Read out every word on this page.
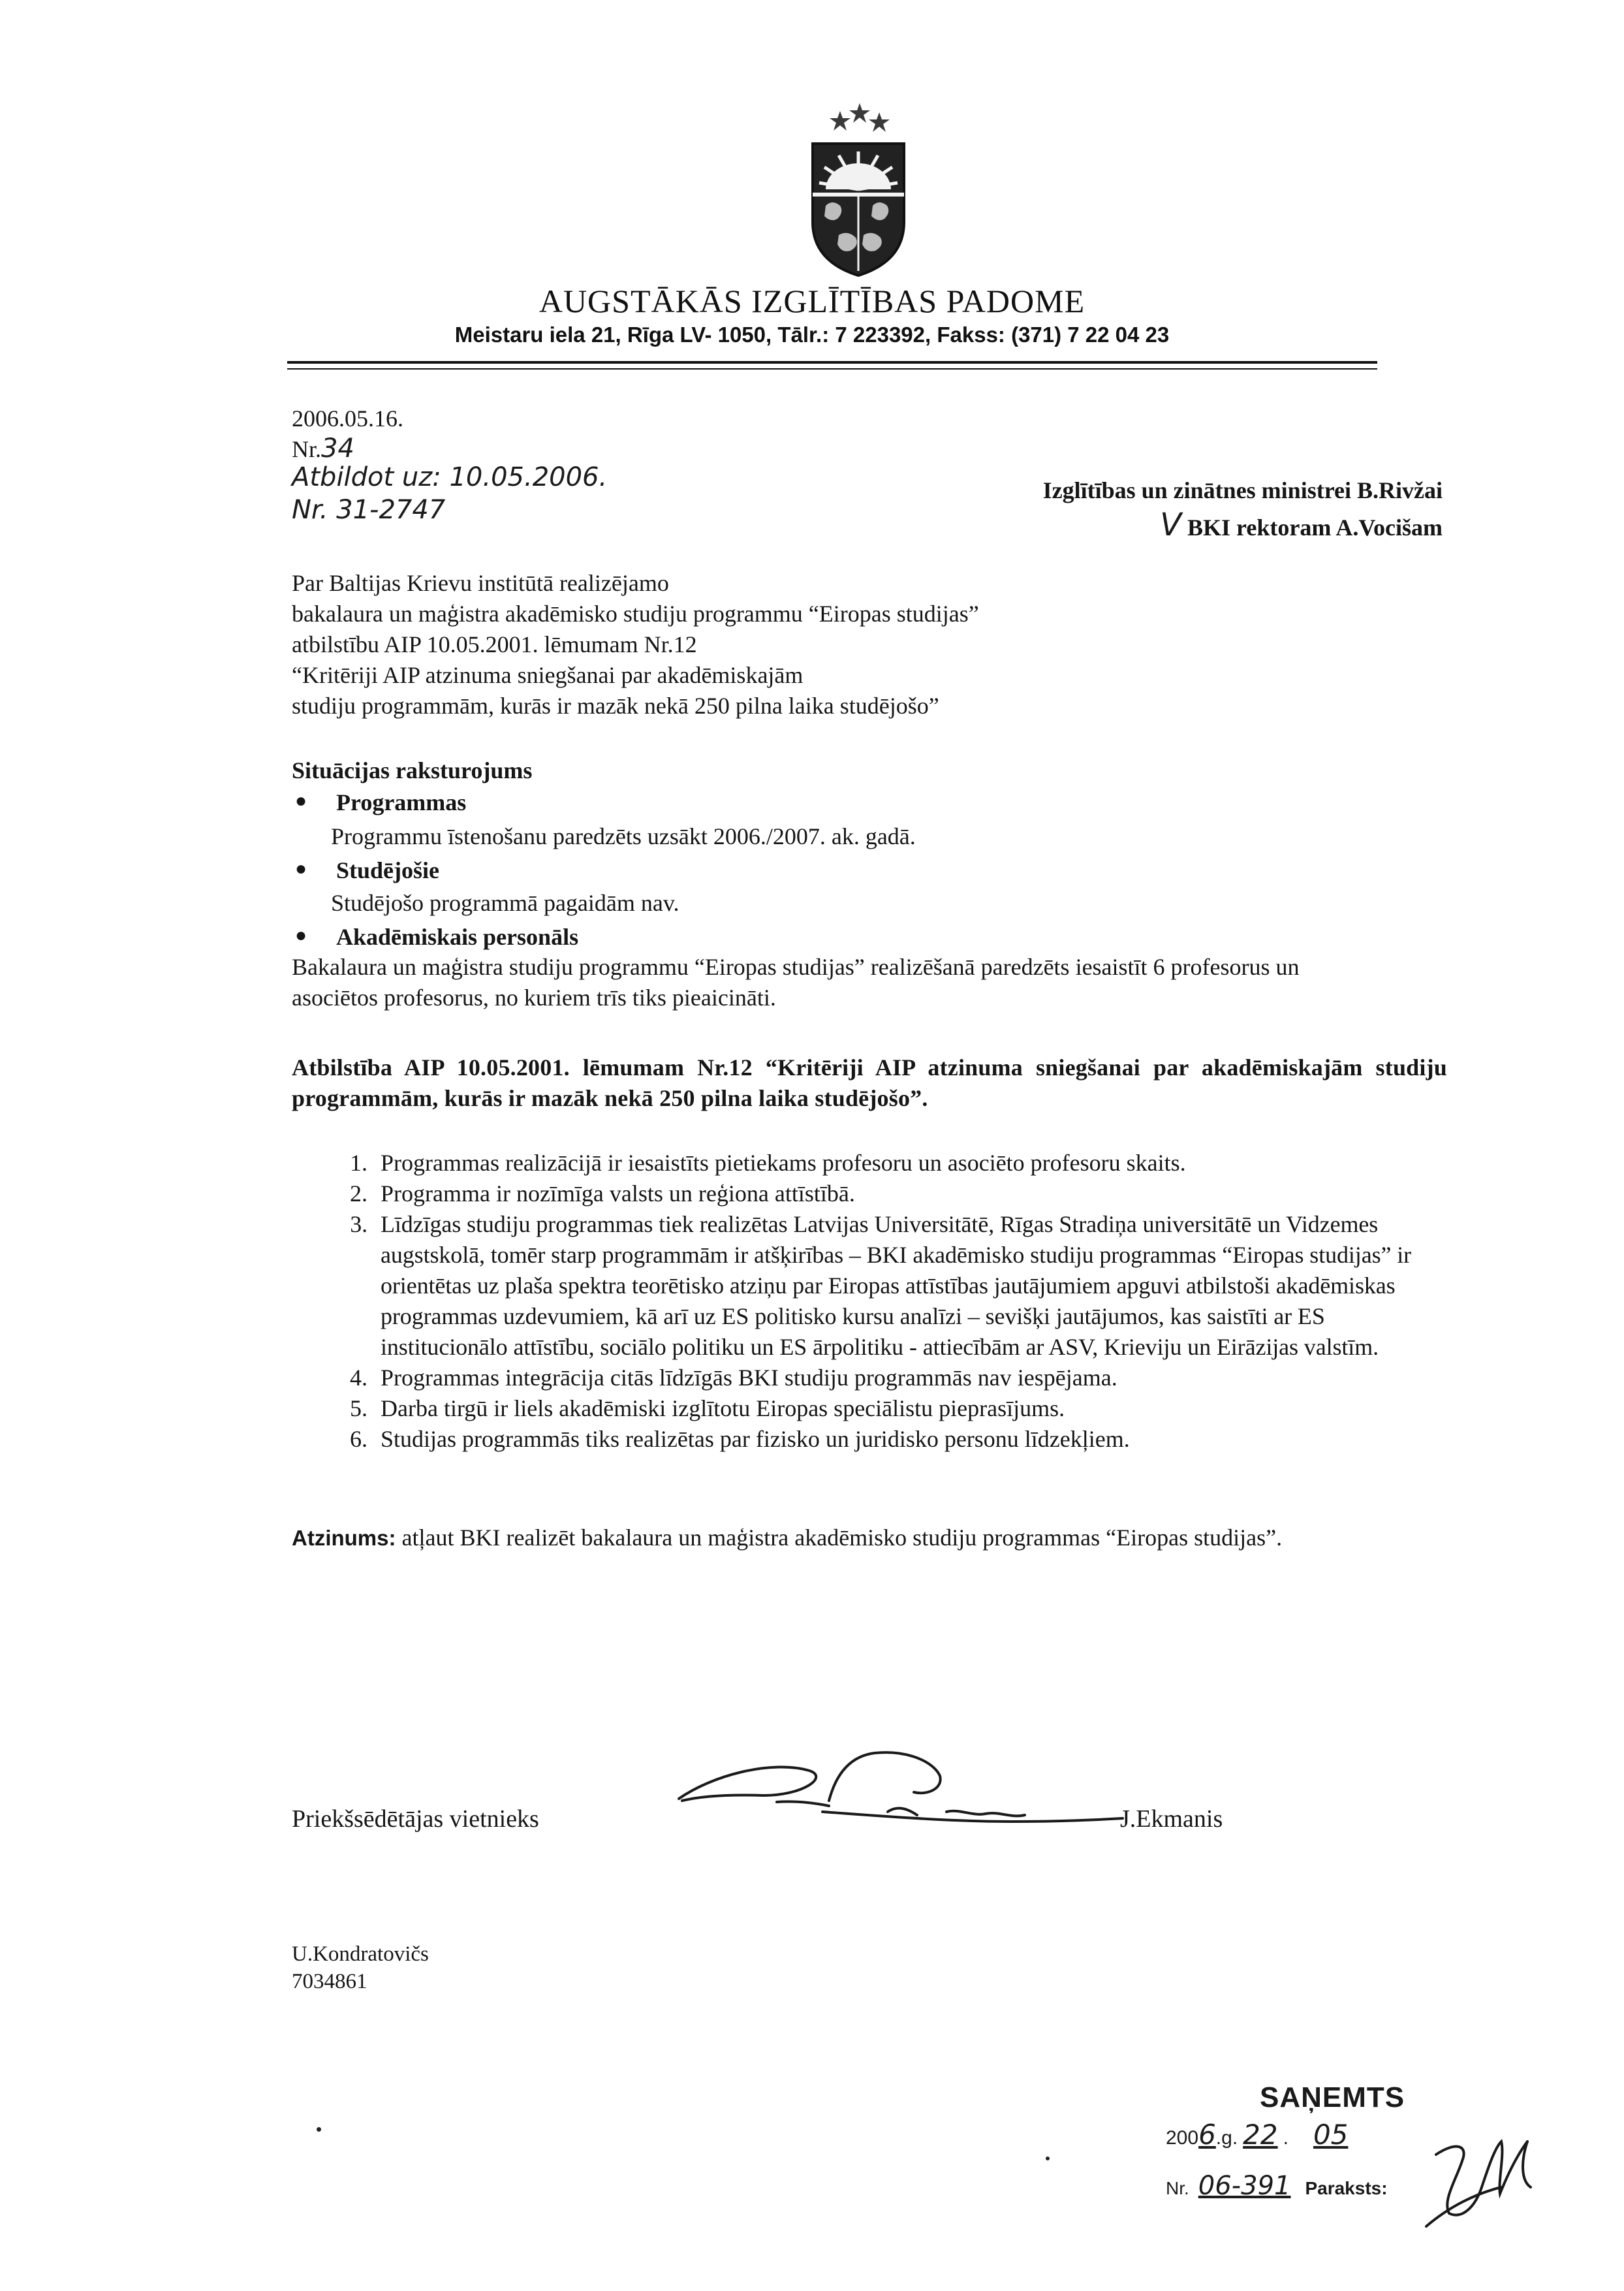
AUGSTĀKĀS IZGLĪTĪBAS PADOME
Meistaru iela 21, Rīga LV- 1050, Tālr.: 7 223392, Fakss: (371) 7 22 04 23
2006.05.16.
Nr.34
Atbildot uz: 10.05.2006.
Nr. 31-2747
Izglītības un zinātnes ministrei B.Rivžai
V BKI rektoram A.Vocišam
Par Baltijas Krievu institūtā realizējamo
bakalaura un maģistra akadēmisko studiju programmu “Eiropas studijas”
atbilstību AIP 10.05.2001. lēmumam Nr.12
“Kritēriji AIP atzinuma sniegšanai par akadēmiskajām
studiju programmām, kurās ir mazāk nekā 250 pilna laika studējošo”
Situācijas raksturojums
● Programmas
Programmu īstenošanu paredzēts uzsākt 2006./2007. ak. gadā.
● Studējošie
Studējošo programmā pagaidām nav.
● Akadēmiskais personāls
Bakalaura un maģistra studiju programmu “Eiropas studijas” realizēšanā paredzēts iesaistīt 6 profesorus un asociētos profesorus, no kuriem trīs tiks pieaicināti.
Atbilstība AIP 10.05.2001. lēmumam Nr.12 “Kritēriji AIP atzinuma sniegšanai par akadēmiskajām studiju programmām, kurās ir mazāk nekā 250 pilna laika studējošo”.
1. Programmas realizācijā ir iesaistīts pietiekams profesoru un asociēto profesoru skaits.
2. Programma ir nozīmīga valsts un reģiona attīstībā.
3. Līdzīgas studiju programmas tiek realizētas Latvijas Universitātē, Rīgas Stradiņa universitātē un Vidzemes augstskolā, tomēr starp programmām ir atšķirības – BKI akadēmisko studiju programmas “Eiropas studijas” ir orientētas uz plaša spektra teorētisko atziņu par Eiropas attīstības jautājumiem apguvi atbilstoši akadēmiskas programmas uzdevumiem, kā arī uz ES politisko kursu analīzi – sevišķi jautājumos, kas saistīti ar ES institucionālo attīstību, sociālo politiku un ES ārpolitiku - attiecībām ar ASV, Krieviju un Eirāzijas valstīm.
4. Programmas integrācija citās līdzīgās BKI studiju programmās nav iespējama.
5. Darba tirgū ir liels akadēmiski izglītotu Eiropas speciālistu pieprasījums.
6. Studijas programmās tiks realizētas par fizisko un juridisko personu līdzekļiem.
Atzinums: atļaut BKI realizēt bakalaura un maģistra akadēmisko studiju programmas “Eiropas studijas”.
Priekšsēdētājas vietnieks	J.Ekmanis
U.Kondratovičs
7034861
SAŅEMTS
2006.g. 22 . 05
Nr. 06-391 Paraksts:
